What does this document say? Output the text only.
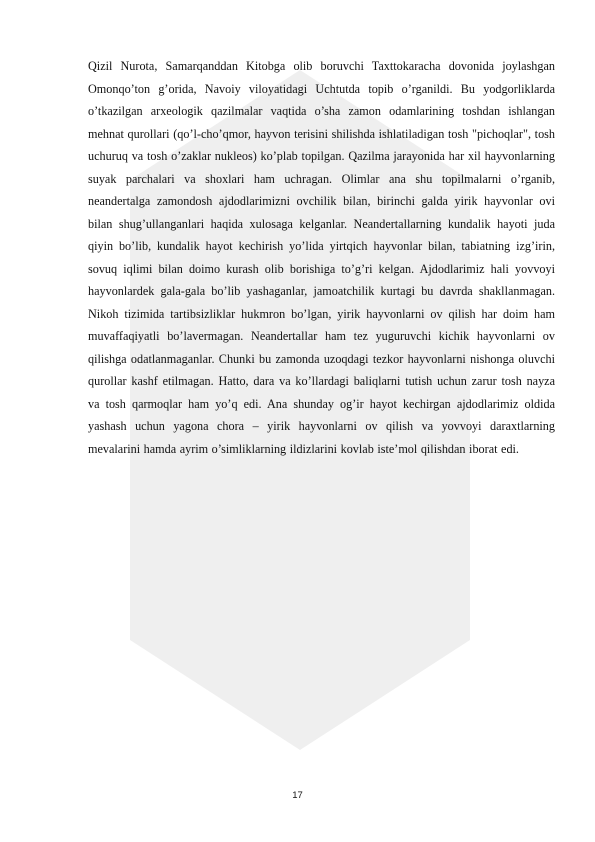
Qizil Nurota, Samarqanddan Kitobga olib boruvchi Taxttokaracha dovonida joylashgan Omonqo’ton g’orida, Navoiy viloyatidagi Uchtutda topib o’rganildi. Bu yodgorliklarda o’tkazilgan arxeologik qazilmalar vaqtida o’sha zamon odamlarining toshdan ishlangan mehnat qurollari (qo’l-cho’qmor, hayvon terisini shilishda ishlatiladigan tosh "pichoqlar", tosh uchuruq va tosh o’zaklar nukleos) ko’plab topilgan. Qazilma jarayonida har xil hayvonlarning suyak parchalari va shoxlari ham uchragan. Olimlar ana shu topilmalarni o’rganib, neandertalga zamondosh ajdodlarimizni ovchilik bilan, birinchi galda yirik hayvonlar ovi bilan shug’ullanganlari haqida xulosaga kelganlar. Neandertallarning kundalik hayoti juda qiyin bo’lib, kundalik hayot kechirish yo’lida yirtqich hayvonlar bilan, tabiatning izg’irin, sovuq iqlimi bilan doimo kurash olib borishiga to’g’ri kelgan. Ajdodlarimiz hali yovvoyi hayvonlardek gala-gala bo’lib yashaganlar, jamoatchilik kurtagi bu davrda shakllanmagan. Nikoh tizimida tartibsizliklar hukmron bo’lgan, yirik hayvonlarni ov qilish har doim ham muvaffaqiyatli bo’lavermagan. Neandertallar ham tez yuguruvchi kichik hayvonlarni ov qilishga odatlanmaganlar. Chunki bu zamonda uzoqdagi tezkor hayvonlarni nishonga oluvchi qurollar kashf etilmagan. Hatto, dara va ko’llardagi baliqlarni tutish uchun zarur tosh nayza va tosh qarmoqlar ham yo’q edi. Ana shunday og’ir hayot kechirgan ajdodlarimiz oldida yashash uchun yagona chora – yirik hayvonlarni ov qilish va yovvoyi daraxtlarning mevalarini hamda ayrim o’simliklarning ildizlarini kovlab iste’mol qilishdan iborat edi.

17
